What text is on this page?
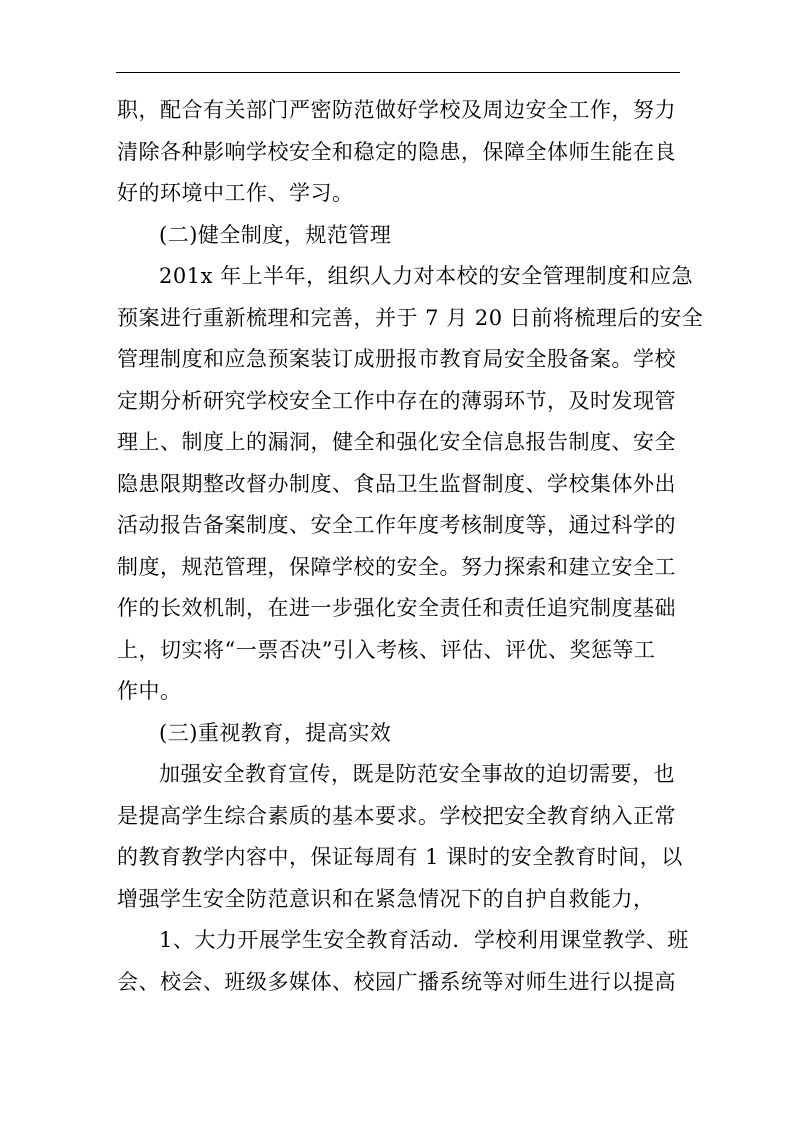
职，配合有关部门严密防范做好学校及周边安全工作，努力
清除各种影响学校安全和稳定的隐患，保障全体师生能在良
好的环境中工作、学习。
(二)健全制度，规范管理
201x 年上半年，组织人力对本校的安全管理制度和应急
预案进行重新梳理和完善，并于 7 月 20 日前将梳理后的安全
管理制度和应急预案装订成册报市教育局安全股备案。学校
定期分析研究学校安全工作中存在的薄弱环节，及时发现管
理上、制度上的漏洞，健全和强化安全信息报告制度、安全
隐患限期整改督办制度、食品卫生监督制度、学校集体外出
活动报告备案制度、安全工作年度考核制度等，通过科学的
制度，规范管理，保障学校的安全。努力探索和建立安全工
作的长效机制，在进一步强化安全责任和责任追究制度基础
上，切实将“一票否决”引入考核、评估、评优、奖惩等工
作中。
(三)重视教育，提高实效
加强安全教育宣传，既是防范安全事故的迫切需要，也
是提高学生综合素质的基本要求。学校把安全教育纳入正常
的教育教学内容中，保证每周有 1 课时的安全教育时间，以
增强学生安全防范意识和在紧急情况下的自护自救能力，
1、大力开展学生安全教育活动．学校利用课堂教学、班
会、校会、班级多媒体、校园广播系统等对师生进行以提高
